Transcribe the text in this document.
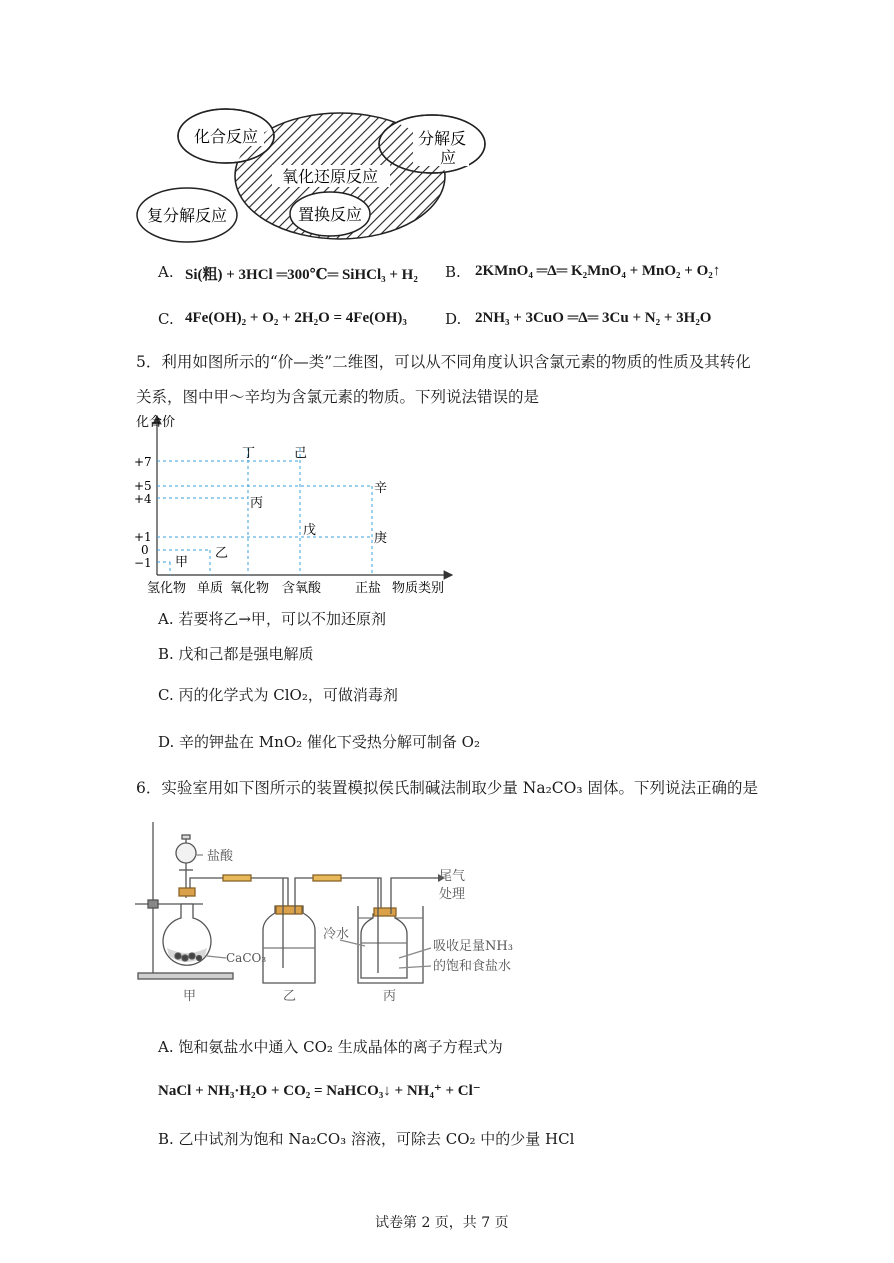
化合反应	分解反
应
氧化还原反应
复分解反应	置换反应
A. Si(粗) + 3HCl ═300℃═ SiHCl₃ + H₂ B. 2KMnO₄ ═Δ═ K₂MnO₄ + MnO₂ + O₂↑
C. 4Fe(OH)₂ + O₂ + 2H₂O = 4Fe(OH)₃	D. 2NH₃ + 3CuO ═Δ═ 3Cu + N₂ + 3H₂O
5．利用如图所示的“价—类”二维图，可以从不同角度认识含氯元素的物质的性质及其转化
关系，图中甲～辛均为含氯元素的物质。下列说法错误的是
化合价
+7
+5
+4
+1
0
−1
氢化物 单质 氧化物 含氧酸	正盐 物质类别
甲
乙
丙
丁
戊
己
庚
辛
A. 若要将乙→甲，可以不加还原剂
B. 戊和己都是强电解质
C. 丙的化学式为 ClO₂，可做消毒剂
D. 辛的钾盐在 MnO₂ 催化下受热分解可制备 O₂
6．实验室用如下图所示的装置模拟侯氏制碱法制取少量 Na₂CO₃ 固体。下列说法正确的是
盐酸
CaCO₃
尾气
处理
冷水
吸收足量NH₃
的饱和食盐水
甲	乙	丙
A. 饱和氨盐水中通入 CO₂ 生成晶体的离子方程式为
NaCl + NH₃·H₂O + CO₂ = NaHCO₃↓ + NH₄⁺ + Cl⁻
B. 乙中试剂为饱和 Na₂CO₃ 溶液，可除去 CO₂ 中的少量 HCl
试卷第 2 页，共 7 页
